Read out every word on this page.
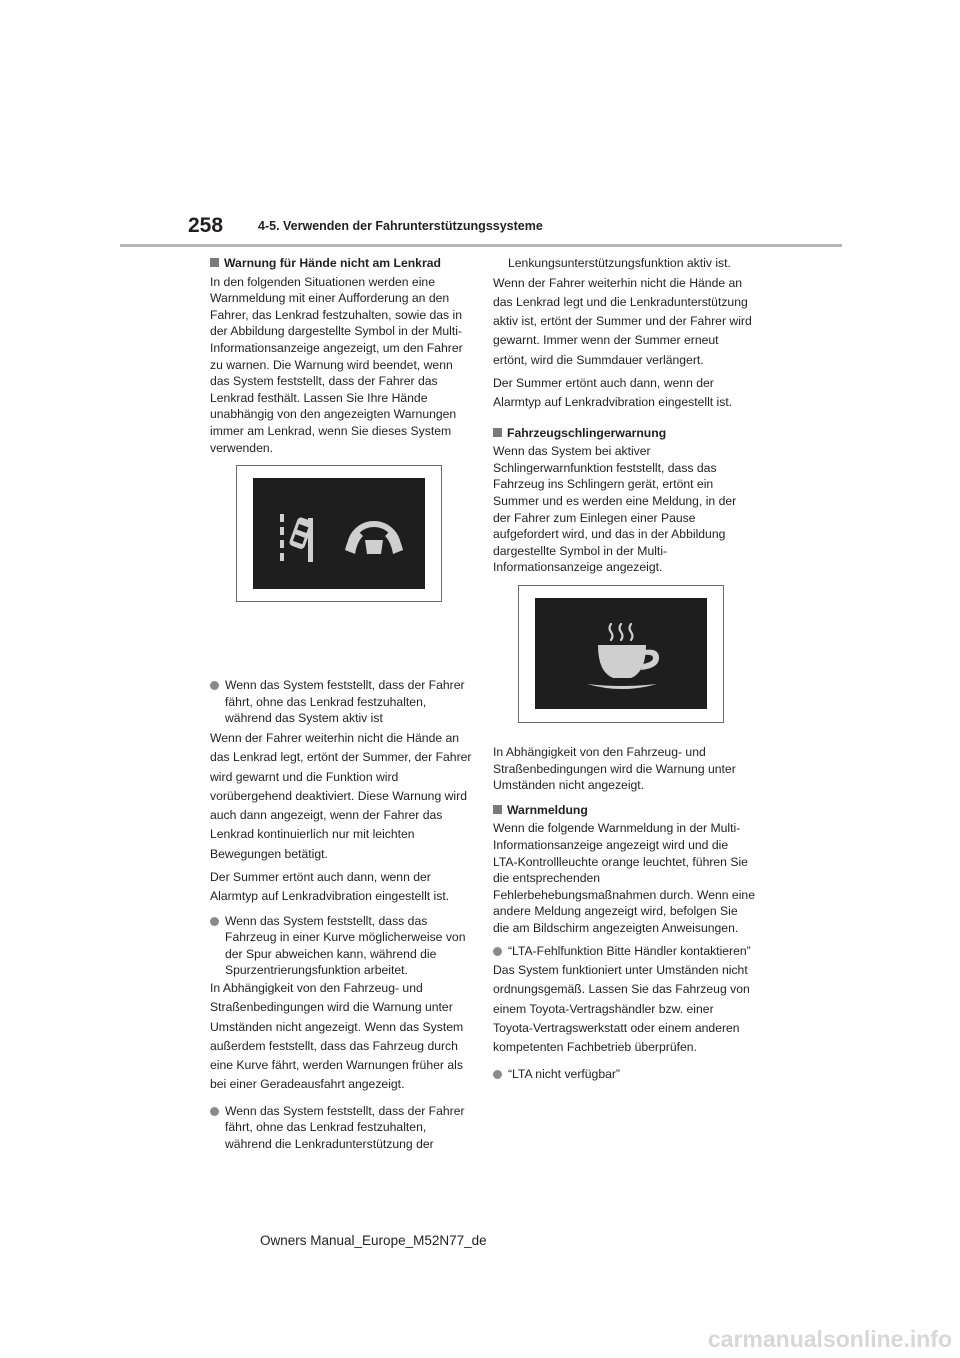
258	4-5. Verwenden der Fahrunterstützungssysteme

Warnung für Hände nicht am Lenkrad

In den folgenden Situationen werden eine Warnmeldung mit einer Aufforderung an den Fahrer, das Lenkrad festzuhalten, sowie das in der Abbildung dargestellte Symbol in der Multi-Informationsanzeige angezeigt, um den Fahrer zu warnen. Die Warnung wird beendet, wenn das System feststellt, dass der Fahrer das Lenkrad festhält. Lassen Sie Ihre Hände unabhängig von den angezeigten Warnungen immer am Lenkrad, wenn Sie dieses System verwenden.

Wenn das System feststellt, dass der Fahrer fährt, ohne das Lenkrad festzuhalten, während das System aktiv ist

Wenn der Fahrer weiterhin nicht die Hände an das Lenkrad legt, ertönt der Summer, der Fahrer wird gewarnt und die Funktion wird vorübergehend deaktiviert. Diese Warnung wird auch dann angezeigt, wenn der Fahrer das Lenkrad kontinuierlich nur mit leichten Bewegungen betätigt.

Der Summer ertönt auch dann, wenn der Alarmtyp auf Lenkradvibration eingestellt ist.

Wenn das System feststellt, dass das Fahrzeug in einer Kurve möglicherweise von der Spur abweichen kann, während die Spurzentrierungsfunktion arbeitet.

In Abhängigkeit von den Fahrzeug- und Straßenbedingungen wird die Warnung unter Umständen nicht angezeigt. Wenn das System außerdem feststellt, dass das Fahrzeug durch eine Kurve fährt, werden Warnungen früher als bei einer Geradeausfahrt angezeigt.

Wenn das System feststellt, dass der Fahrer fährt, ohne das Lenkrad festzuhalten, während die Lenkradunterstützung der

Lenkungsunterstützungsfunktion aktiv ist.

Wenn der Fahrer weiterhin nicht die Hände an das Lenkrad legt und die Lenkradunterstützung aktiv ist, ertönt der Summer und der Fahrer wird gewarnt. Immer wenn der Summer erneut ertönt, wird die Summdauer verlängert.

Der Summer ertönt auch dann, wenn der Alarmtyp auf Lenkradvibration eingestellt ist.

Fahrzeugschlingerwarnung

Wenn das System bei aktiver Schlingerwarnfunktion feststellt, dass das Fahrzeug ins Schlingern gerät, ertönt ein Summer und es werden eine Meldung, in der der Fahrer zum Einlegen einer Pause aufgefordert wird, und das in der Abbildung dargestellte Symbol in der Multi-Informationsanzeige angezeigt.

In Abhängigkeit von den Fahrzeug- und Straßenbedingungen wird die Warnung unter Umständen nicht angezeigt.

Warnmeldung

Wenn die folgende Warnmeldung in der Multi-Informationsanzeige angezeigt wird und die LTA-Kontrollleuchte orange leuchtet, führen Sie die entsprechenden Fehlerbehebungsmaßnahmen durch. Wenn eine andere Meldung angezeigt wird, befolgen Sie die am Bildschirm angezeigten Anweisungen.

“LTA-Fehlfunktion Bitte Händler kontaktieren”

Das System funktioniert unter Umständen nicht ordnungsgemäß. Lassen Sie das Fahrzeug von einem Toyota-Vertragshändler bzw. einer Toyota-Vertragswerkstatt oder einem anderen kompetenten Fachbetrieb überprüfen.

“LTA nicht verfügbar”

Owners Manual_Europe_M52N77_de
carmanualsonline.info
